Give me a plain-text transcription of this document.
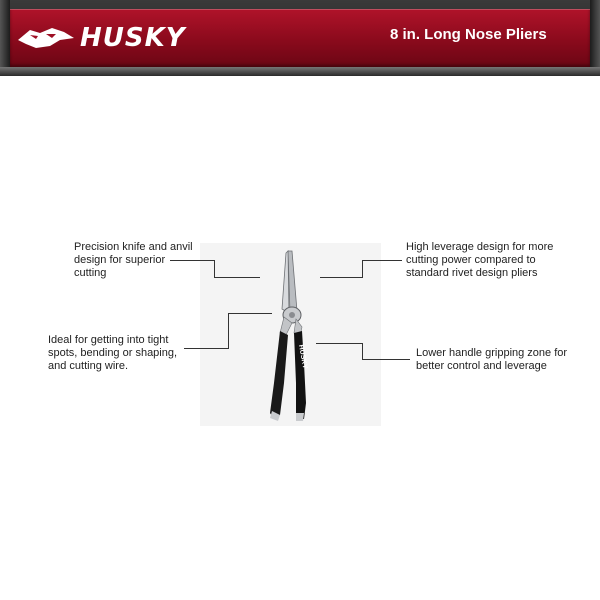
HUSKY	8 in. Long Nose Pliers
HUSKY
Precision knife and anvil
design for superior
cutting
High leverage design for more
cutting power compared to
standard rivet design pliers
Ideal for getting into tight
spots, bending or shaping,
and cutting wire.
Lower handle gripping zone for
better control and leverage
